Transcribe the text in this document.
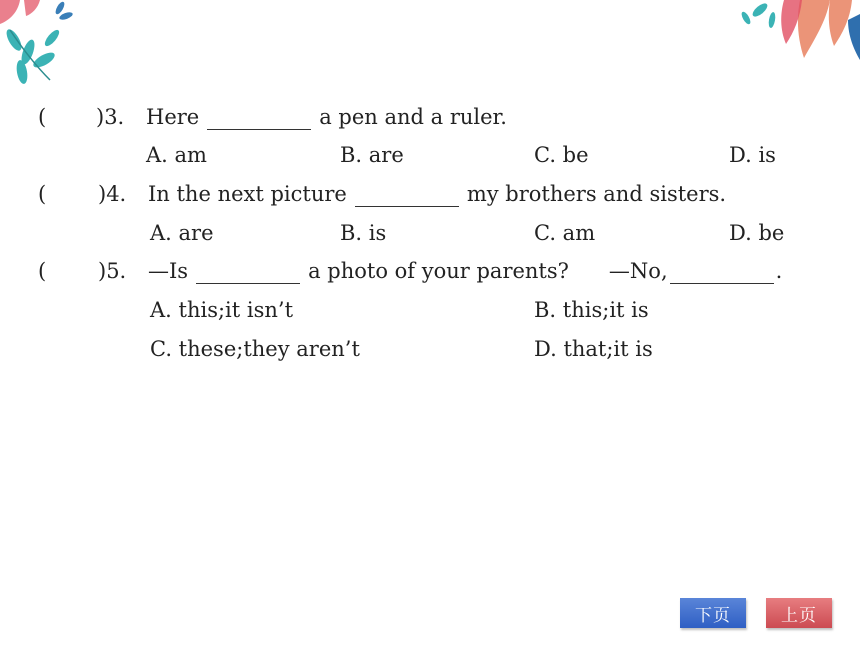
( )3. Here	a pen and a ruler.
A. am	B. are	C. be	D. is
( )4. In the next picture	my brothers and sisters.
A. are	B. is	C. am	D. be
( )5. —Is	a photo of your parents? —No,	.
A. this;it isn’t	B. this;it is
C. these;they aren’t	D. that;it is
下页	上页
